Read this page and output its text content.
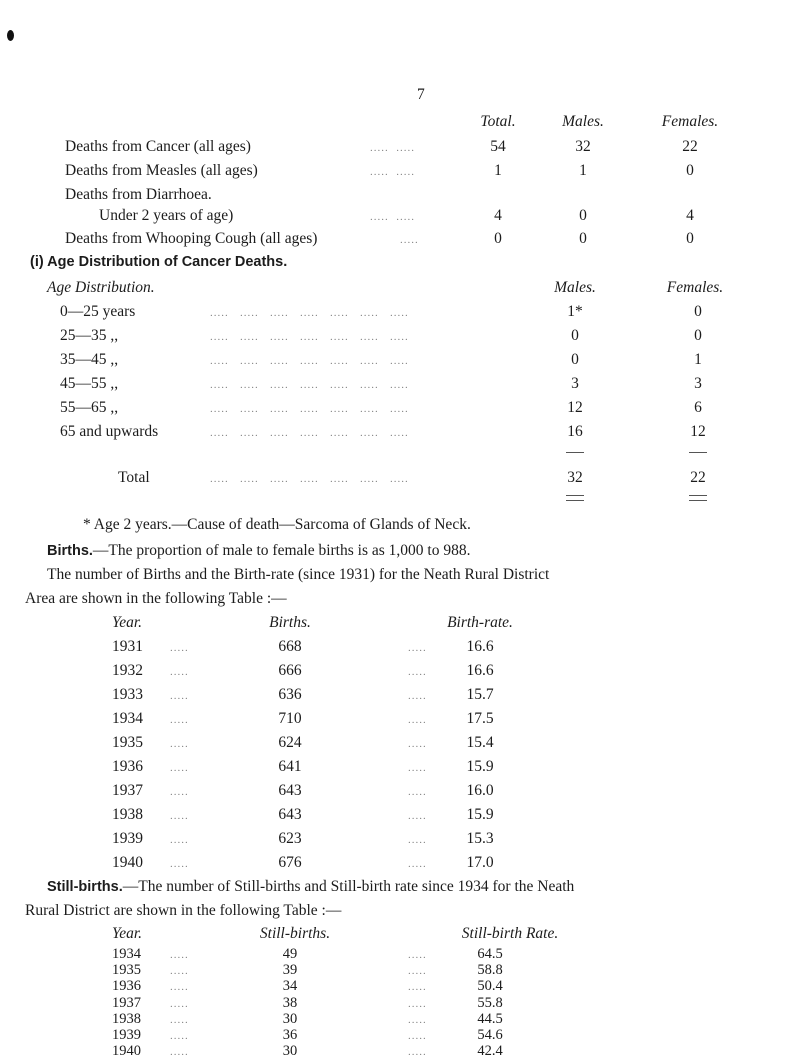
7
Total.	Males.	Females.
Deaths from Cancer (all ages)	.....  .....	54	32	22
Deaths from Measles (all ages)	.....  .....	1	1	0
Deaths from Diarrhoea.
Under 2 years of age)	.....  .....	4	0	4
Deaths from Whooping Cough (all ages)	.....	0	0	0
(i) Age Distribution of Cancer Deaths.
Age Distribution.	Males.	Females.
0—25 years	.....   .....   .....   .....   .....   .....   .....	1*	0
25—35 ,,	.....   .....   .....   .....   .....   .....   .....	0	0
35—45 ,,	.....   .....   .....   .....   .....   .....   .....	0	1
45—55 ,,	.....   .....   .....   .....   .....   .....   .....	3	3
55—65 ,,	.....   .....   .....   .....   .....   .....   .....	12	6
65 and upwards	.....   .....   .....   .....   .....   .....   .....	16	12
Total	.....   .....   .....   .....   .....   .....   .....	32	22
* Age 2 years.—Cause of death—Sarcoma of Glands of Neck.
Births.—The proportion of male to female births is as 1,000 to 988.
The number of Births and the Birth-rate (since 1931) for the Neath Rural District
Area are shown in the following Table :—
Year.	Births.	Birth-rate.
1931 .....	668	.....	16.6
1932 .....	666	.....	16.6
1933 .....	636	.....	15.7
1934 .....	710	.....	17.5
1935 .....	624	.....	15.4
1936 .....	641	.....	15.9
1937 .....	643	.....	16.0
1938 .....	643	.....	15.9
1939 .....	623	.....	15.3
1940 .....	676	.....	17.0
Still-births.—The number of Still-births and Still-birth rate since 1934 for the Neath
Rural District are shown in the following Table :—
Year.	Still-births.	Still-birth Rate.
1934	.....	49	.....	64.5
1935	.....	39	.....	58.8
1936	.....	34	.....	50.4
1937	.....	38	.....	55.8
1938	.....	30	.....	44.5
1939	.....	36	.....	54.6
1940	.....	30	.....	42.4
